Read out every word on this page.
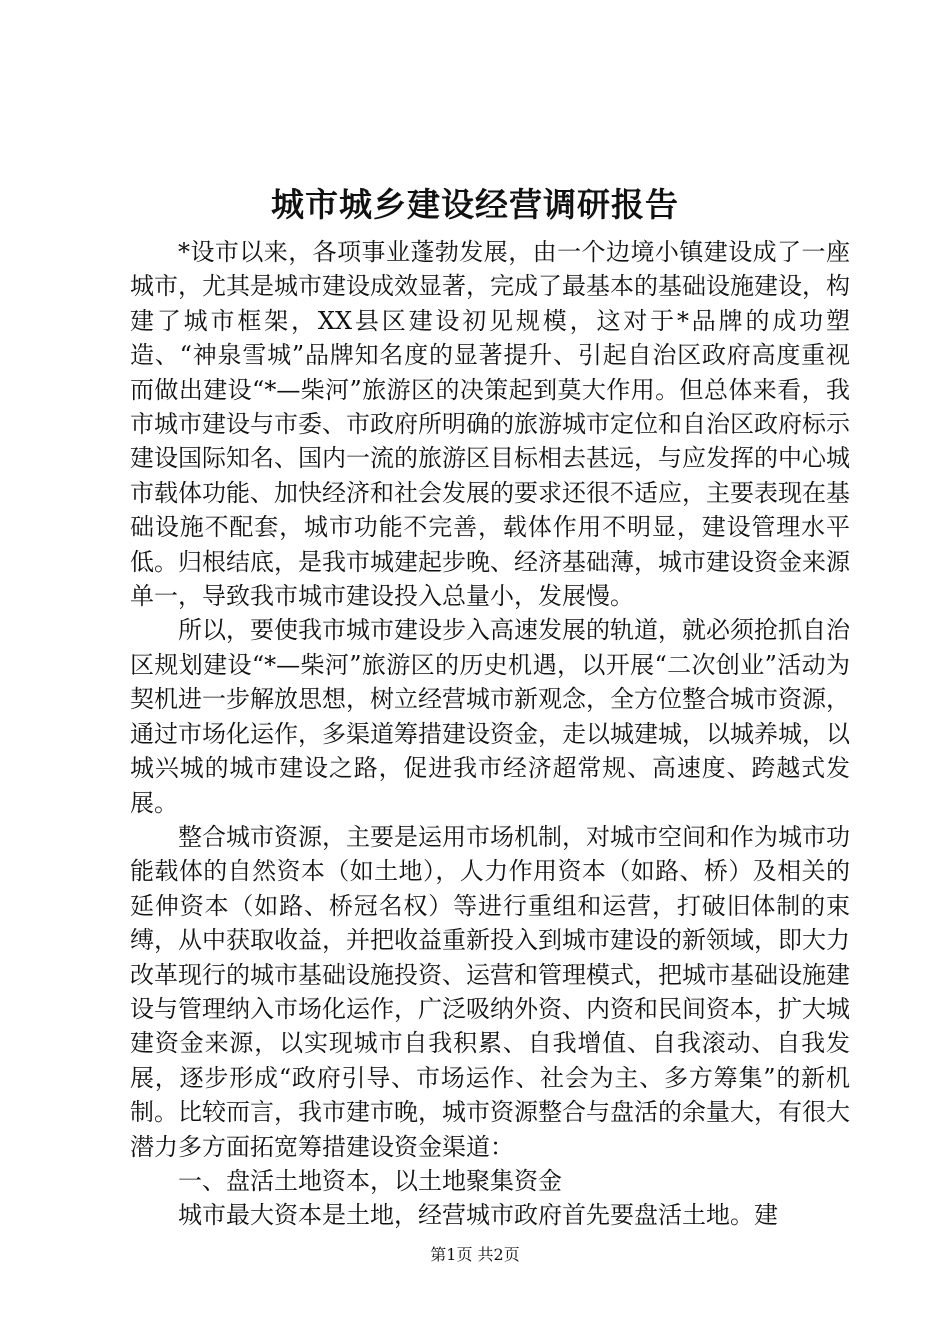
城市城乡建设经营调研报告

*设市以来，各项事业蓬勃发展，由一个边境小镇建设成了一座城市，尤其是城市建设成效显著，完成了最基本的基础设施建设，构建了城市框架，XX县区建设初见规模，这对于*品牌的成功塑造、“神泉雪城”品牌知名度的显著提升、引起自治区政府高度重视而做出建设“*—柴河”旅游区的决策起到莫大作用。但总体来看，我市城市建设与市委、市政府所明确的旅游城市定位和自治区政府标示建设国际知名、国内一流的旅游区目标相去甚远，与应发挥的中心城市载体功能、加快经济和社会发展的要求还很不适应，主要表现在基础设施不配套，城市功能不完善，载体作用不明显，建设管理水平低。归根结底，是我市城建起步晚、经济基础薄，城市建设资金来源单一，导致我市城市建设投入总量小，发展慢。

所以，要使我市城市建设步入高速发展的轨道，就必须抢抓自治区规划建设“*—柴河”旅游区的历史机遇，以开展“二次创业”活动为契机进一步解放思想，树立经营城市新观念，全方位整合城市资源，通过市场化运作，多渠道筹措建设资金，走以城建城，以城养城，以城兴城的城市建设之路，促进我市经济超常规、高速度、跨越式发展。

整合城市资源，主要是运用市场机制，对城市空间和作为城市功能载体的自然资本（如土地），人力作用资本（如路、桥）及相关的延伸资本（如路、桥冠名权）等进行重组和运营，打破旧体制的束缚，从中获取收益，并把收益重新投入到城市建设的新领域，即大力改革现行的城市基础设施投资、运营和管理模式，把城市基础设施建设与管理纳入市场化运作，广泛吸纳外资、内资和民间资本，扩大城建资金来源，以实现城市自我积累、自我增值、自我滚动、自我发展，逐步形成“政府引导、市场运作、社会为主、多方筹集”的新机制。比较而言，我市建市晚，城市资源整合与盘活的余量大，有很大潜力多方面拓宽筹措建设资金渠道：

一、盘活土地资本，以土地聚集资金

城市最大资本是土地，经营城市政府首先要盘活土地。建

第1页 共2页
